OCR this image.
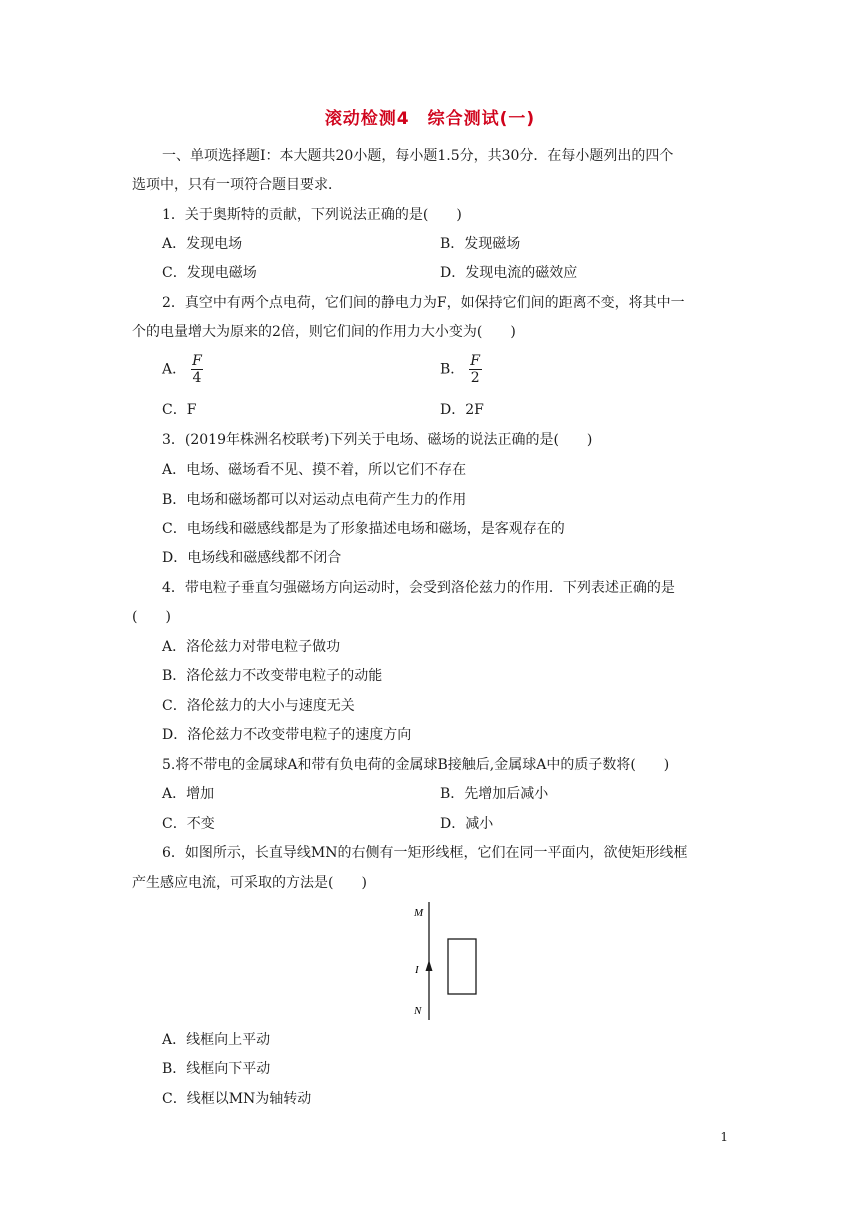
滚动检测4　综合测试(一)
一、单项选择题Ⅰ：本大题共20小题，每小题1.5分，共30分．在每小题列出的四个
选项中，只有一项符合题目要求．
1．关于奥斯特的贡献，下列说法正确的是(　　)
A．发现电场	B．发现磁场
C．发现电磁场	D．发现电流的磁效应
2．真空中有两个点电荷，它们间的静电力为F，如保持它们间的距离不变，将其中一
个的电量增大为原来的2倍，则它们间的作用力大小变为(　　)
A． $\frac{F}{4}$	B． $\frac{F}{2}$
C．F	D．2F
3．(2019年株洲名校联考)下列关于电场、磁场的说法正确的是(　　)
A．电场、磁场看不见、摸不着，所以它们不存在
B．电场和磁场都可以对运动点电荷产生力的作用
C．电场线和磁感线都是为了形象描述电场和磁场，是客观存在的
D．电场线和磁感线都不闭合
4．带电粒子垂直匀强磁场方向运动时，会受到洛伦兹力的作用．下列表述正确的是
(　　)
A．洛伦兹力对带电粒子做功
B．洛伦兹力不改变带电粒子的动能
C．洛伦兹力的大小与速度无关
D．洛伦兹力不改变带电粒子的速度方向
5.将不带电的金属球A和带有负电荷的金属球B接触后,金属球A中的质子数将(　　)
A．增加	B．先增加后减小
C．不变	D．减小
6．如图所示，长直导线MN的右侧有一矩形线框，它们在同一平面内，欲使矩形线框
产生感应电流，可采取的方法是(　　)
M
I
N
A．线框向上平动
B．线框向下平动
C．线框以MN为轴转动
1
